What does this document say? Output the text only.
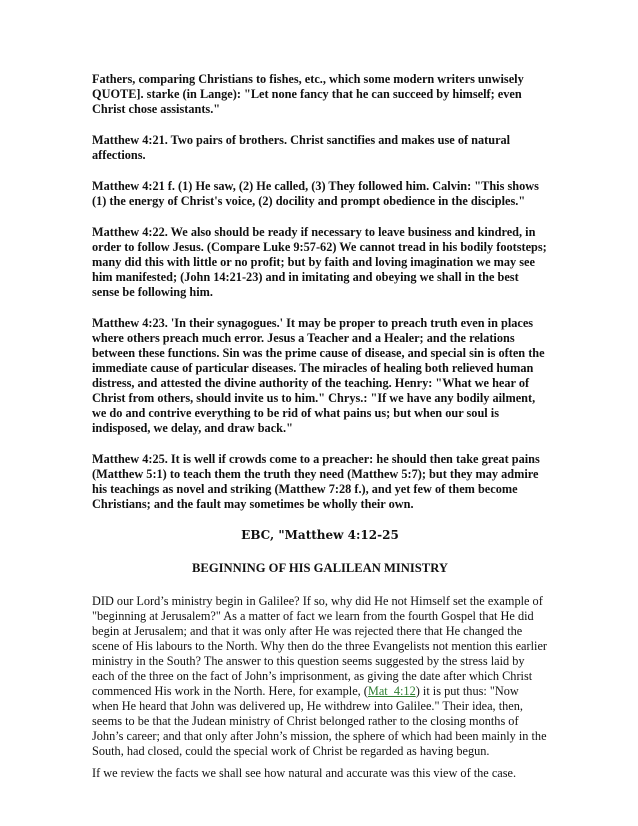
Fathers, comparing Christians to fishes, etc., which some modern writers unwisely QUOTE]. starke (in Lange): "Let none fancy that he can succeed by himself; even Christ chose assistants."

Matthew 4:21. Two pairs of brothers. Christ sanctifies and makes use of natural affections.

Matthew 4:21 f. (1) He saw, (2) He called, (3) They followed him. Calvin: "This shows (1) the energy of Christ's voice, (2) docility and prompt obedience in the disciples."

Matthew 4:22. We also should be ready if necessary to leave business and kindred, in order to follow Jesus. (Compare Luke 9:57-62) We cannot tread in his bodily footsteps; many did this with little or no profit; but by faith and loving imagination we may see him manifested; (John 14:21-23) and in imitating and obeying we shall in the best sense be following him.

Matthew 4:23. 'In their synagogues.' It may be proper to preach truth even in places where others preach much error. Jesus a Teacher and a Healer; and the relations between these functions. Sin was the prime cause of disease, and special sin is often the immediate cause of particular diseases. The miracles of healing both relieved human distress, and attested the divine authority of the teaching. Henry: "What we hear of Christ from others, should invite us to him." Chrys.: "If we have any bodily ailment, we do and contrive everything to be rid of what pains us; but when our soul is indisposed, we delay, and draw back."

Matthew 4:25. It is well if crowds come to a preacher: he should then take great pains (Matthew 5:1) to teach them the truth they need (Matthew 5:7); but they may admire his teachings as novel and striking (Matthew 7:28 f.), and yet few of them become Christians; and the fault may sometimes be wholly their own.

EBC, "Matthew 4:12-25
BEGINNING OF HIS GALILEAN MINISTRY

DID our Lord’s ministry begin in Galilee? If so, why did He not Himself set the example of "beginning at Jerusalem?" As a matter of fact we learn from the fourth Gospel that He did begin at Jerusalem; and that it was only after He was rejected there that He changed the scene of His labours to the North. Why then do the three Evangelists not mention this earlier ministry in the South? The answer to this question seems suggested by the stress laid by each of the three on the fact of John’s imprisonment, as giving the date after which Christ commenced His work in the North. Here, for example, (Mat_4:12) it is put thus: "Now when He heard that John was delivered up, He withdrew into Galilee." Their idea, then, seems to be that the Judean ministry of Christ belonged rather to the closing months of John’s career; and that only after John’s mission, the sphere of which had been mainly in the South, had closed, could the special work of Christ be regarded as having begun.

If we review the facts we shall see how natural and accurate was this view of the case.
